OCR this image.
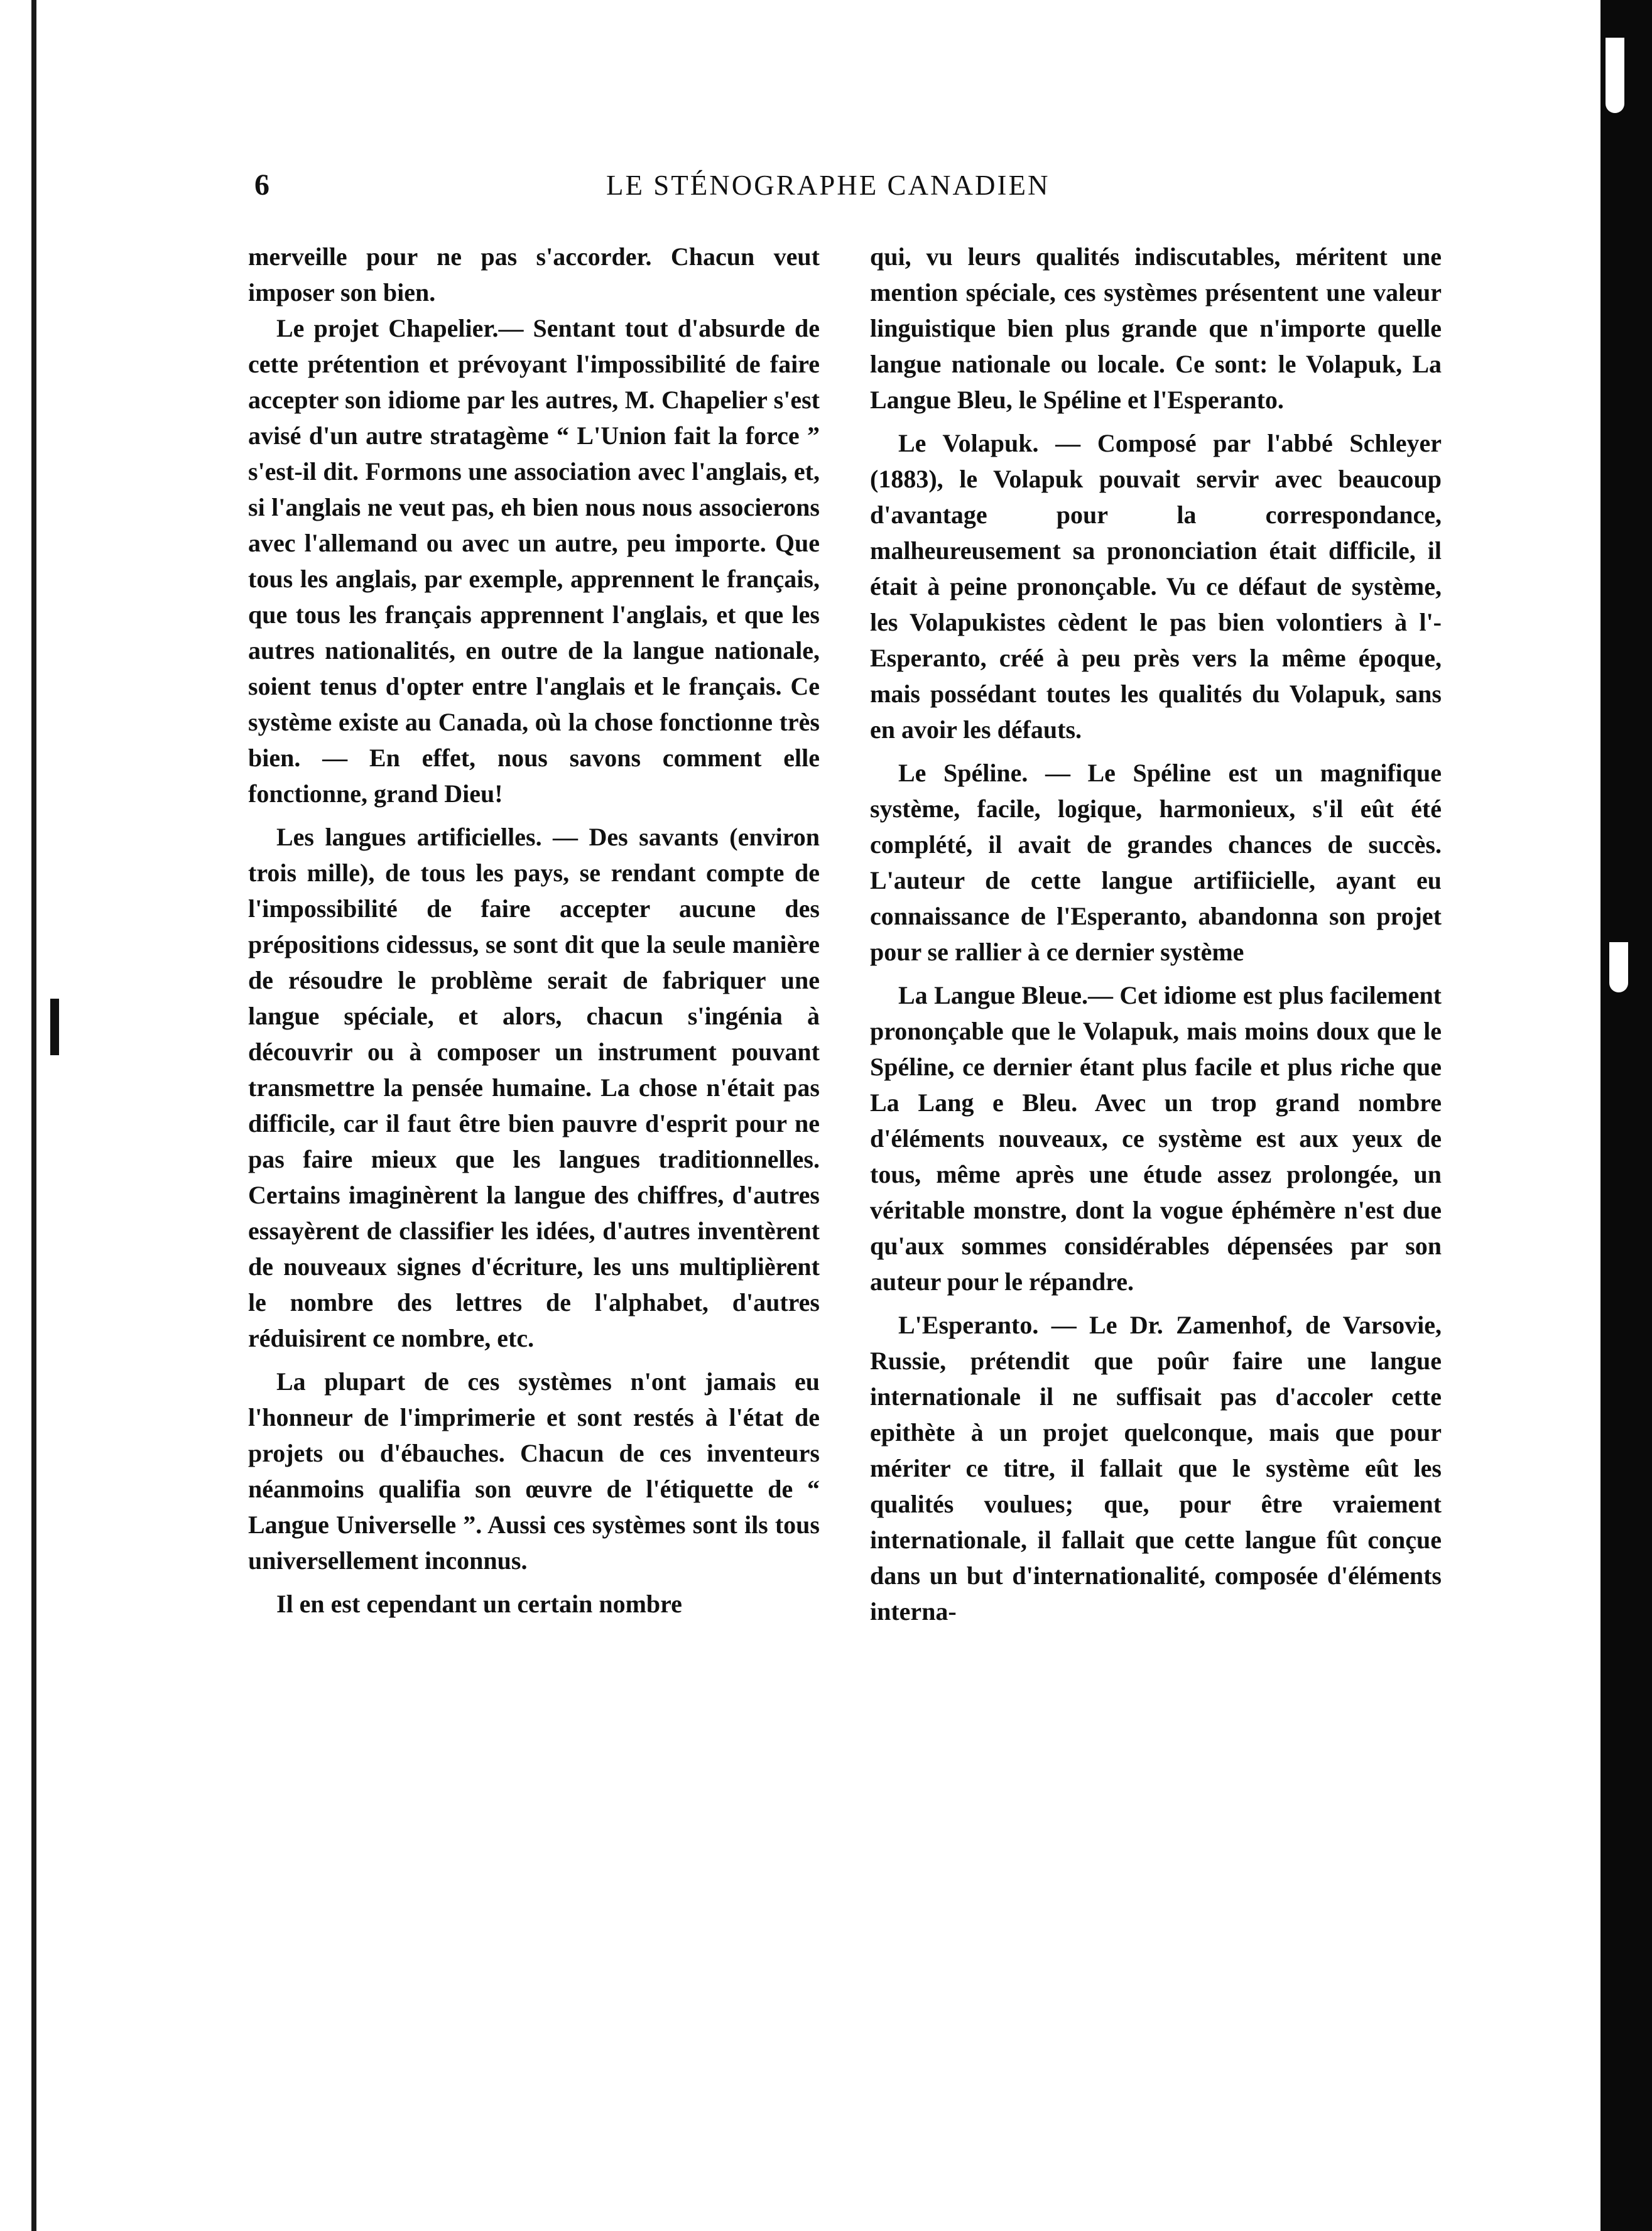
6	LE STÉNOGRAPHE CANADIEN

merveille pour ne pas s'accorder. Chacun veut imposer son bien.

Le projet Chapelier.— Sentant tout d'absurde de cette prétention et prévoyant l'impossibilité de faire accepter son idiome par les autres, M. Chapelier s'est avisé d'un autre stratagème “ L'Union fait la force ” s'est-il dit. Formons une association avec l'anglais, et, si l'anglais ne veut pas, eh bien nous nous associerons avec l'allemand ou avec un autre, peu importe. Que tous les anglais, par exemple, apprennent le français, que tous les français apprennent l'anglais, et que les autres nationalités, en outre de la langue nationale, soient tenus d'opter entre l'anglais et le français. Ce système existe au Canada, où la chose fonctionne très bien. — En effet, nous savons comment elle fonctionne, grand Dieu!

Les langues artificielles. — Des savants (environ trois mille), de tous les pays, se rendant compte de l'impossibilité de faire accepter aucune des prépositions cidessus, se sont dit que la seule manière de résoudre le problème serait de fabriquer une langue spéciale, et alors, chacun s'ingénia à découvrir ou à composer un instrument pouvant transmettre la pensée humaine. La chose n'était pas difficile, car il faut être bien pauvre d'esprit pour ne pas faire mieux que les langues traditionnelles. Certains imaginèrent la langue des chiffres, d'autres essayèrent de classifier les idées, d'autres inventèrent de nouveaux signes d'écriture, les uns multiplièrent le nombre des lettres de l'alphabet, d'autres réduisirent ce nombre, etc.

La plupart de ces systèmes n'ont jamais eu l'honneur de l'imprimerie et sont restés à l'état de projets ou d'ébauches. Chacun de ces inventeurs néanmoins qualifia son œuvre de l'étiquette de “ Langue Universelle ”. Aussi ces systèmes sont ils tous universellement inconnus.

Il en est cependant un certain nombre

qui, vu leurs qualités indiscutables, méritent une mention spéciale, ces systèmes présentent une valeur linguistique bien plus grande que n'importe quelle langue nationale ou locale. Ce sont: le Volapuk, La Langue Bleu, le Spéline et l'Esperanto.

Le Volapuk. — Composé par l'abbé Schleyer (1883), le Volapuk pouvait servir avec beaucoup d'avantage pour la correspondance, malheureusement sa prononciation était difficile, il était à peine prononçable. Vu ce défaut de système, les Volapukistes cèdent le pas bien volontiers à l'-Esperanto, créé à peu près vers la même époque, mais possédant toutes les qualités du Volapuk, sans en avoir les défauts.

Le Spéline. — Le Spéline est un magnifique système, facile, logique, harmonieux, s'il eût été complété, il avait de grandes chances de succès. L'auteur de cette langue artifiicielle, ayant eu connaissance de l'Esperanto, abandonna son projet pour se rallier à ce dernier système

La Langue Bleue.— Cet idiome est plus facilement prononçable que le Volapuk, mais moins doux que le Spéline, ce dernier étant plus facile et plus riche que La Lang e Bleu. Avec un trop grand nombre d'éléments nouveaux, ce système est aux yeux de tous, même après une étude assez prolongée, un véritable monstre, dont la vogue éphémère n'est due qu'aux sommes considérables dépensées par son auteur pour le répandre.

L'Esperanto. — Le Dr. Zamenhof, de Varsovie, Russie, prétendit que poûr faire une langue internationale il ne suffisait pas d'accoler cette epithète à un projet quelconque, mais que pour mériter ce titre, il fallait que le système eût les qualités voulues; que, pour être vraiement internationale, il fallait que cette langue fût conçue dans un but d'internationalité, composée d'éléments interna-
